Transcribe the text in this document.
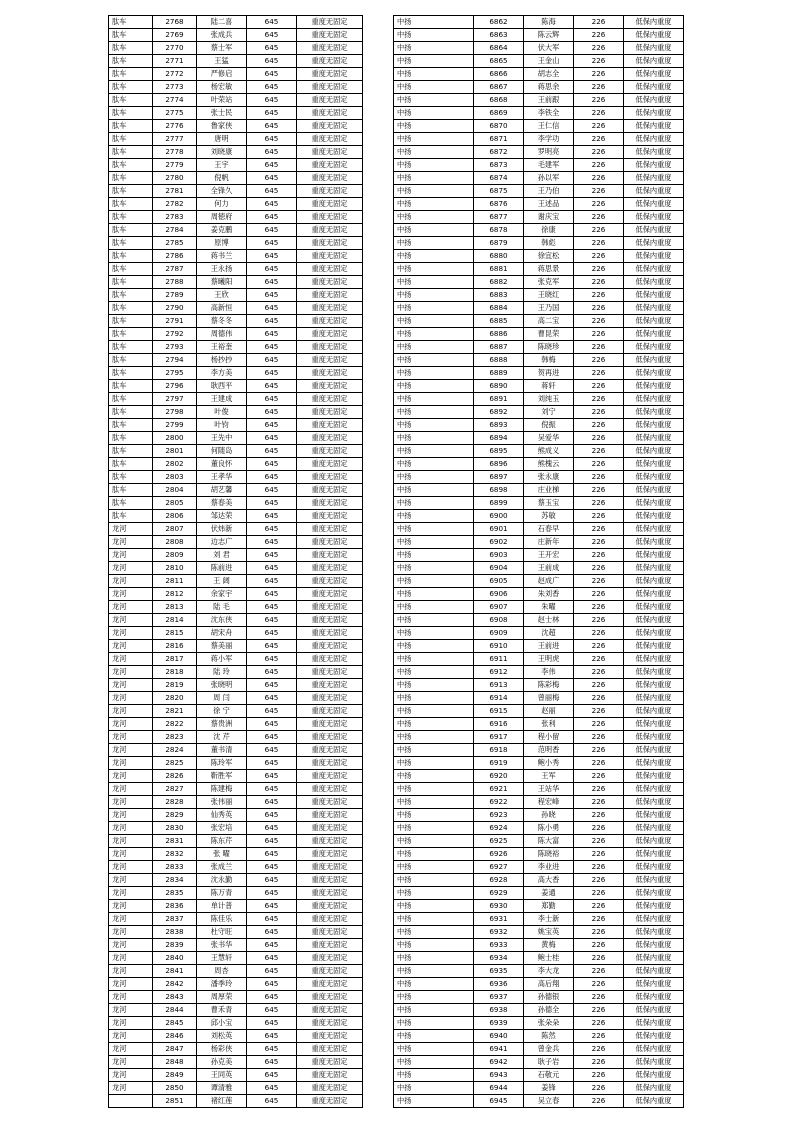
肽车	2768	陆二喜	645	重度无固定
肽车	2769	张成兵	645	重度无固定
肽车	2770	蔡士军	645	重度无固定
肽车	2771	王猛	645	重度无固定
肽车	2772	严修启	645	重度无固定
肽车	2773	杨宏敏	645	重度无固定
肽车	2774	叶荣站	645	重度无固定
肽车	2775	张士民	645	重度无固定
肽车	2776	鲁家侠	645	重度无固定
肽车	2777	唐明	645	重度无固定
肽车	2778	刘晓康	645	重度无固定
肽车	2779	王宇	645	重度无固定
肽车	2780	倪帆	645	重度无固定
肽车	2781	全锋久	645	重度无固定
肽车	2782	何力	645	重度无固定
肽车	2783	周徳府	645	重度无固定
肽车	2784	姜克鹏	645	重度无固定
肽车	2785	原博	645	重度无固定
肽车	2786	蒋书兰	645	重度无固定
肽车	2787	王永扬	645	重度无固定
肽车	2788	蔡曦阳	645	重度无固定
肽车	2789	王欣	645	重度无固定
肽车	2790	高新恒	645	重度无固定
肽车	2791	蔡冬冬	645	重度无固定
肽车	2792	周德伟	645	重度无固定
肽车	2793	王裕奎	645	重度无固定
肽车	2794	杨抄抄	645	重度无固定
肽车	2795	李方美	645	重度无固定
肽车	2796	耿西平	645	重度无固定
肽车	2797	王建成	645	重度无固定
肽车	2798	叶俊	645	重度无固定
肽车	2799	叶钧	645	重度无固定
肽车	2800	王先中	645	重度无固定
肽车	2801	何随岛	645	重度无固定
肽车	2802	董良怀	645	重度无固定
肽车	2803	王孝华	645	重度无固定
肽车	2804	胡艺馨	645	重度无固定
肽车	2805	蔡春美	645	重度无固定
肽车	2806	邹达荣	645	重度无固定
龙河	2807	伏炜新	645	重度无固定
龙河	2808	边志广	645	重度无固定
龙河	2809	刘 君	645	重度无固定
龙河	2810	陈前进	645	重度无固定
龙河	2811	王 阔	645	重度无固定
龙河	2812	余家宇	645	重度无固定
龙河	2813	陆 毛	645	重度无固定
龙河	2814	沈东侠	645	重度无固定
龙河	2815	胡宋舟	645	重度无固定
龙河	2816	蔡美丽	645	重度无固定
龙河	2817	蒋小军	645	重度无固定
龙河	2818	陆 玲	645	重度无固定
龙河	2819	张晓明	645	重度无固定
龙河	2820	周 闫	645	重度无固定
龙河	2821	徐 宁	645	重度无固定
龙河	2822	蔡贵洲	645	重度无固定
龙河	2823	沈 芹	645	重度无固定
龙河	2824	董书清	645	重度无固定
龙河	2825	陈玲军	645	重度无固定
龙河	2826	靳胜军	645	重度无固定
龙河	2827	陈建梅	645	重度无固定
龙河	2828	张伟丽	645	重度无固定
龙河	2829	仙秀英	645	重度无固定
龙河	2830	张宏培	645	重度无固定
龙河	2831	陈东芹	645	重度无固定
龙河	2832	张 曜	645	重度无固定
龙河	2833	张成兰	645	重度无固定
龙河	2834	沈永勤	645	重度无固定
龙河	2835	陈万青	645	重度无固定
龙河	2836	单计普	645	重度无固定
龙河	2837	陈佳乐	645	重度无固定
龙河	2838	杜守旺	645	重度无固定
龙河	2839	张书华	645	重度无固定
龙河	2840	王慧轩	645	重度无固定
龙河	2841	周杏	645	重度无固定
龙河	2842	潘季玲	645	重度无固定
龙河	2843	周厚荣	645	重度无固定
龙河	2844	曹禾青	645	重度无固定
龙河	2845	邱小宝	645	重度无固定
龙河	2846	刘松英	645	重度无固定
龙河	2847	杨彩侠	645	重度无固定
龙河	2848	孙克美	645	重度无固定
龙河	2849	王同英	645	重度无固定
龙河	2850	谭清雅	645	重度无固定
	2851	褚红莲	645	重度无固定
中扬	6862	陈海	226	低保内重度
中扬	6863	陈云辉	226	低保内重度
中扬	6864	伏大军	226	低保内重度
中扬	6865	王金山	226	低保内重度
中扬	6866	胡志全	226	低保内重度
中扬	6867	蒋思余	226	低保内重度
中扬	6868	王前跟	226	低保内重度
中扬	6869	李铁全	226	低保内重度
中扬	6870	王仁信	226	低保内重度
中扬	6871	李学功	226	低保内重度
中扬	6872	罗明亮	226	低保内重度
中扬	6873	毛建军	226	低保内重度
中扬	6874	孙以军	226	低保内重度
中扬	6875	王乃伯	226	低保内重度
中扬	6876	王述品	226	低保内重度
中扬	6877	谢庆宝	226	低保内重度
中扬	6878	徐康	226	低保内重度
中扬	6879	韩彪	226	低保内重度
中扬	6880	徐宜松	226	低保内重度
中扬	6881	蒋思景	226	低保内重度
中扬	6882	张克军	226	低保内重度
中扬	6883	王晓红	226	低保内重度
中扬	6884	王乃国	226	低保内重度
中扬	6885	高二宝	226	低保内重度
中扬	6886	曹昆荣	226	低保内重度
中扬	6887	陈晓珍	226	低保内重度
中扬	6888	韩梅	226	低保内重度
中扬	6889	贺再进	226	低保内重度
中扬	6890	蒋轩	226	低保内重度
中扬	6891	刘纯玉	226	低保内重度
中扬	6892	刘宁	226	低保内重度
中扬	6893	倪振	226	低保内重度
中扬	6894	吴爱华	226	低保内重度
中扬	6895	熊成义	226	低保内重度
中扬	6896	熊槐云	226	低保内重度
中扬	6897	张永康	226	低保内重度
中扬	6898	庄业梯	226	低保内重度
中扬	6899	蔡玉宝	226	低保内重度
中扬	6900	苏敏	226	低保内重度
中扬	6901	石春早	226	低保内重度
中扬	6902	庄新年	226	低保内重度
中扬	6903	王开宏	226	低保内重度
中扬	6904	王前成	226	低保内重度
中扬	6905	赵成广	226	低保内重度
中扬	6906	朱刘香	226	低保内重度
中扬	6907	朱曜	226	低保内重度
中扬	6908	赵士林	226	低保内重度
中扬	6909	沈超	226	低保内重度
中扬	6910	王前进	226	低保内重度
中扬	6911	王明虎	226	低保内重度
中扬	6912	李伟	226	低保内重度
中扬	6913	陈彩梅	226	低保内重度
中扬	6914	曾丽梅	226	低保内重度
中扬	6915	赵丽	226	低保内重度
中扬	6916	张利	226	低保内重度
中扬	6917	程小留	226	低保内重度
中扬	6918	范明香	226	低保内重度
中扬	6919	鲍小秀	226	低保内重度
中扬	6920	王军	226	低保内重度
中扬	6921	王站华	226	低保内重度
中扬	6922	程宏峰	226	低保内重度
中扬	6923	孙晓	226	低保内重度
中扬	6924	陈小勇	226	低保内重度
中扬	6925	陈大富	226	低保内重度
中扬	6926	陈晓裕	226	低保内重度
中扬	6927	李业进	226	低保内重度
中扬	6928	高大香	226	低保内重度
中扬	6929	姜通	226	低保内重度
中扬	6930	郑勤	226	低保内重度
中扬	6931	李士新	226	低保内重度
中扬	6932	姚宝英	226	低保内重度
中扬	6933	黄梅	226	低保内重度
中扬	6934	鲍士桂	226	低保内重度
中扬	6935	李大龙	226	低保内重度
中扬	6936	高后翔	226	低保内重度
中扬	6937	孙德银	226	低保内重度
中扬	6938	孙德全	226	低保内重度
中扬	6939	张朵朵	226	低保内重度
中扬	6940	陈然	226	低保内重度
中扬	6941	曾金兵	226	低保内重度
中扬	6942	耿子岩	226	低保内重度
中扬	6943	石敬元	226	低保内重度
中扬	6944	姜锋	226	低保内重度
中扬	6945	吴立春	226	低保内重度
